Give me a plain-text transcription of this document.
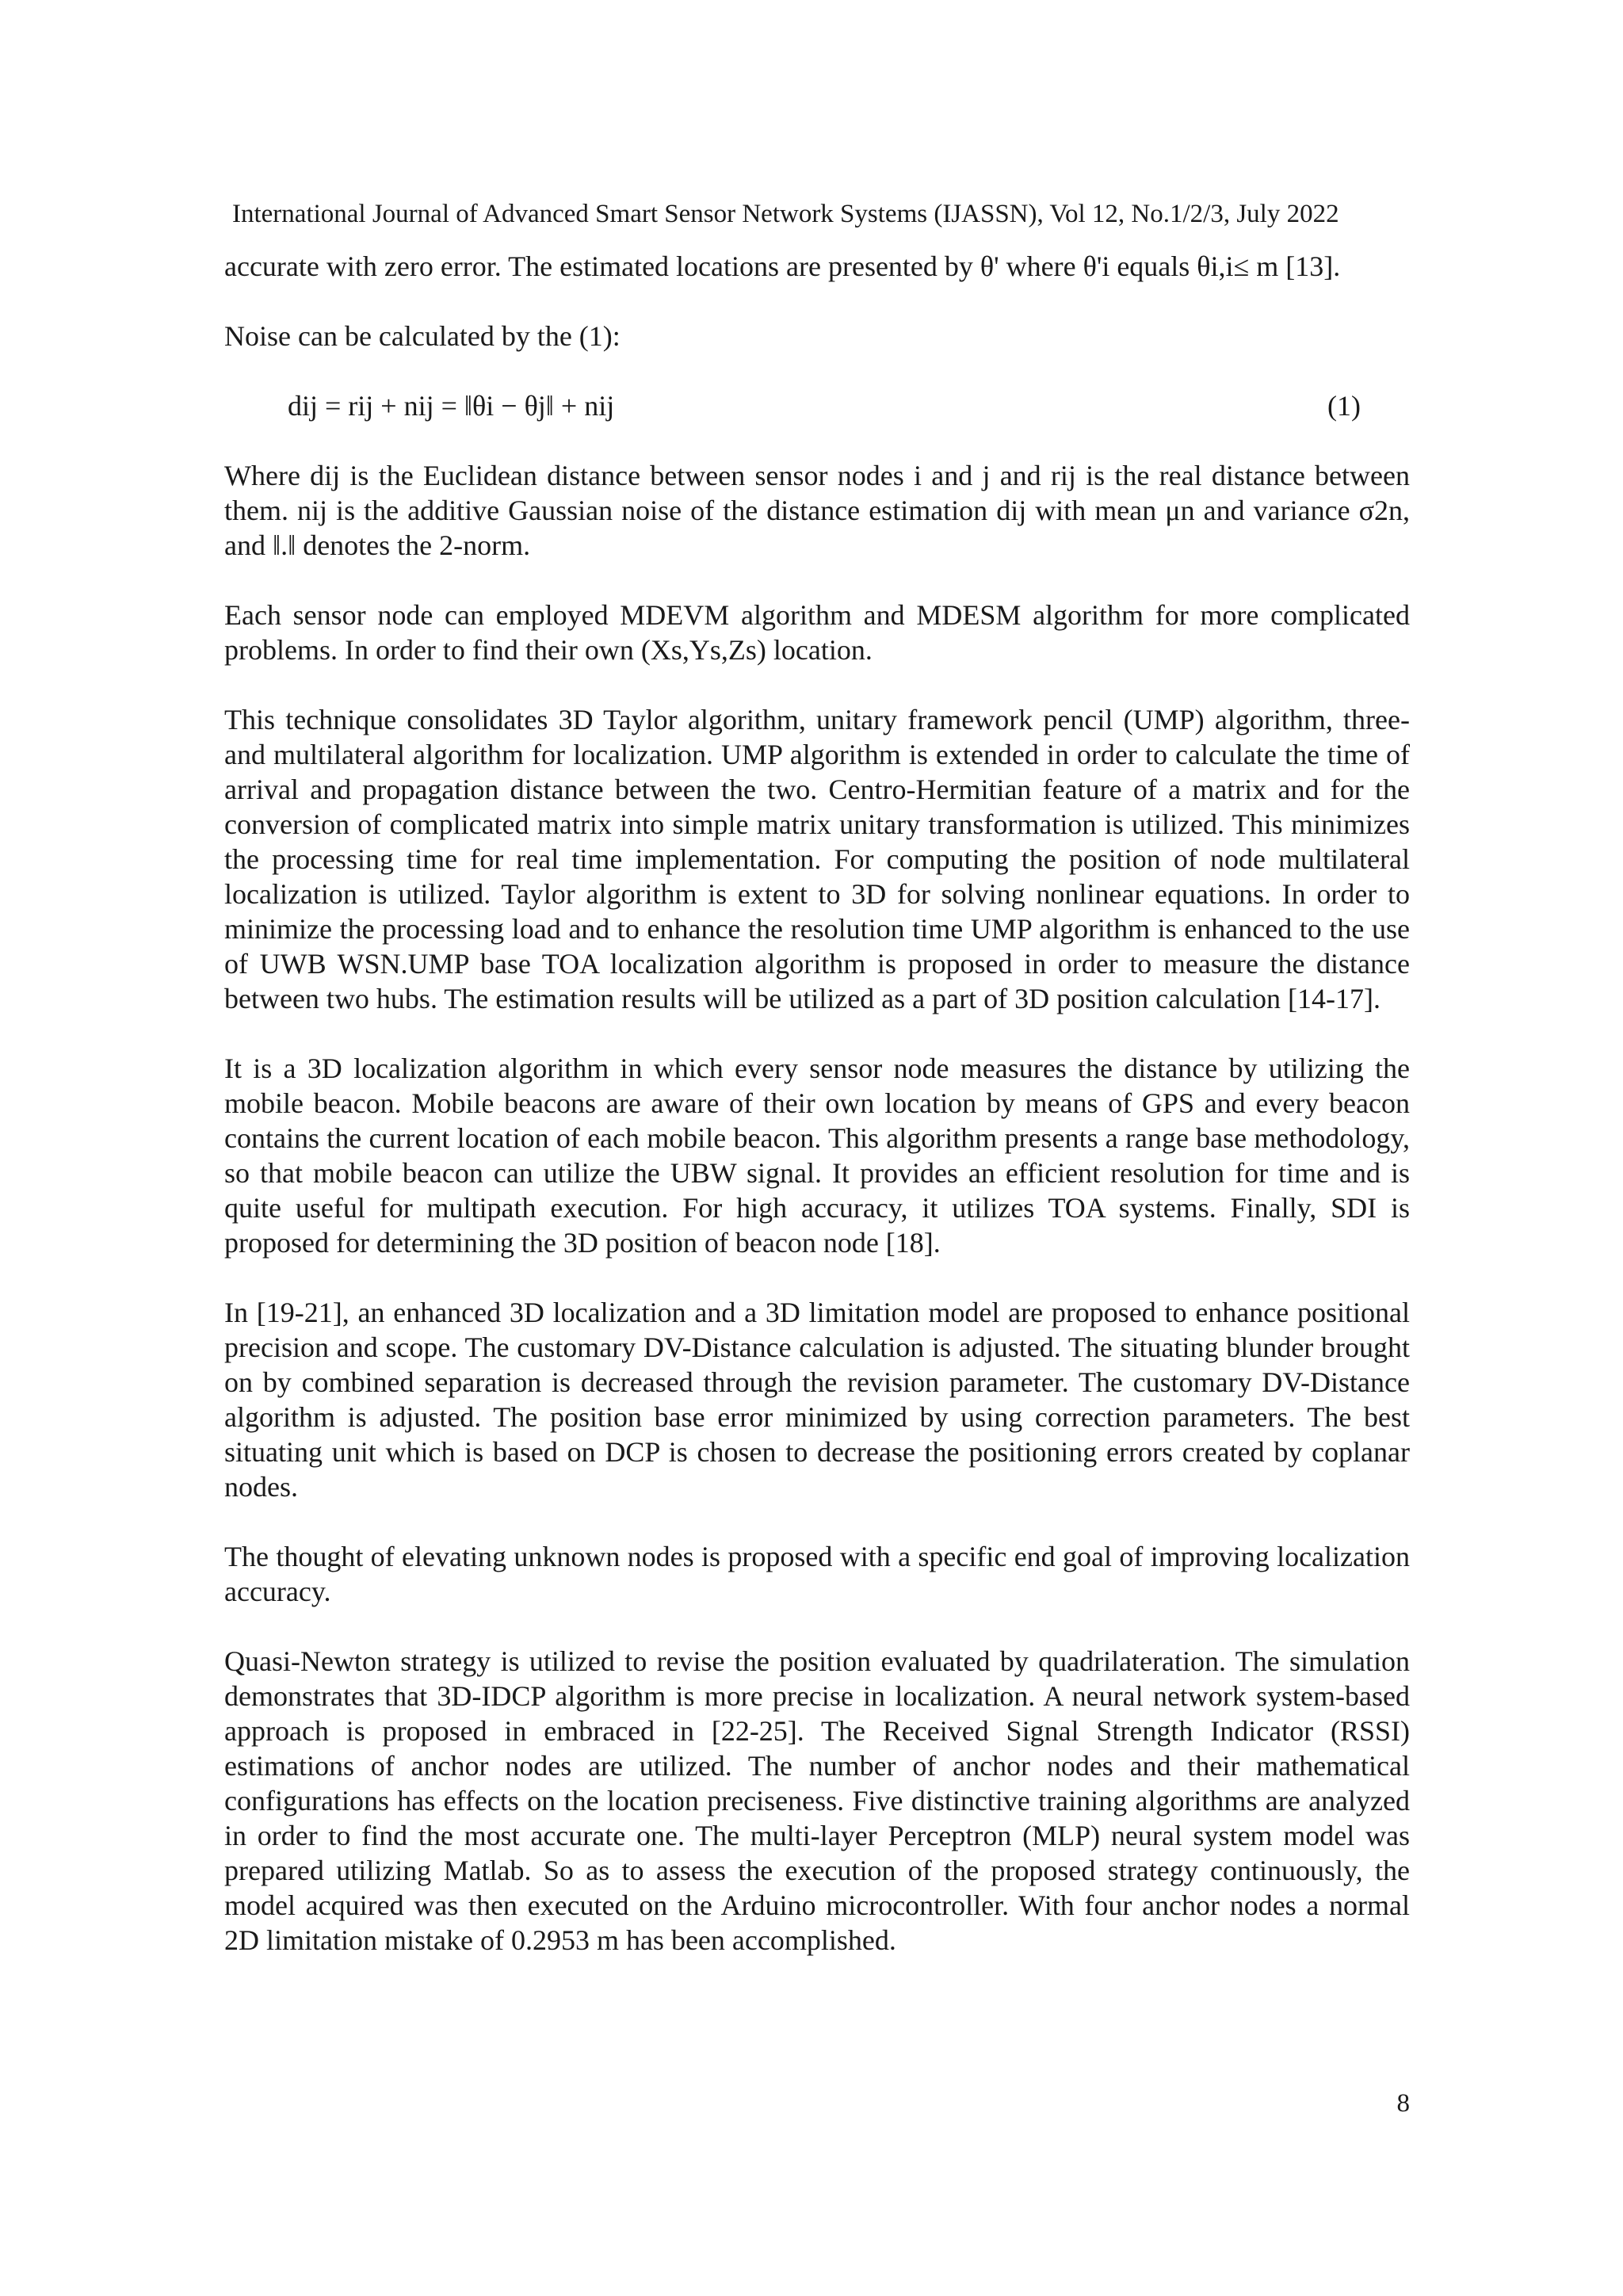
International Journal of Advanced Smart Sensor Network Systems (IJASSN), Vol 12, No.1/2/3, July 2022

accurate with zero error. The estimated locations are presented by θ' where θ'i equals θi,i≤ m [13].

Noise can be calculated by the (1):

dij = rij + nij = ‖θi − θj‖ + nij	(1)

Where dij is the Euclidean distance between sensor nodes i and j and rij is the real distance between them. nij is the additive Gaussian noise of the distance estimation dij with mean μn and variance σ2n, and ‖.‖ denotes the 2-norm.

Each sensor node can employed MDEVM algorithm and MDESM algorithm for more complicated problems. In order to find their own (Xs,Ys,Zs) location.

This technique consolidates 3D Taylor algorithm, unitary framework pencil (UMP) algorithm, three- and multilateral algorithm for localization. UMP algorithm is extended in order to calculate the time of arrival and propagation distance between the two. Centro-Hermitian feature of a matrix and for the conversion of complicated matrix into simple matrix unitary transformation is utilized. This minimizes the processing time for real time implementation. For computing the position of node multilateral localization is utilized. Taylor algorithm is extent to 3D for solving nonlinear equations. In order to minimize the processing load and to enhance the resolution time UMP algorithm is enhanced to the use of UWB WSN.UMP base TOA localization algorithm is proposed in order to measure the distance between two hubs. The estimation results will be utilized as a part of 3D position calculation [14-17].

It is a 3D localization algorithm in which every sensor node measures the distance by utilizing the mobile beacon. Mobile beacons are aware of their own location by means of GPS and every beacon contains the current location of each mobile beacon. This algorithm presents a range base methodology, so that mobile beacon can utilize the UBW signal. It provides an efficient resolution for time and is quite useful for multipath execution. For high accuracy, it utilizes TOA systems. Finally, SDI is proposed for determining the 3D position of beacon node [18].

In [19-21], an enhanced 3D localization and a 3D limitation model are proposed to enhance positional precision and scope. The customary DV-Distance calculation is adjusted. The situating blunder brought on by combined separation is decreased through the revision parameter. The customary DV-Distance algorithm is adjusted. The position base error minimized by using correction parameters. The best situating unit which is based on DCP is chosen to decrease the positioning errors created by coplanar nodes.

The thought of elevating unknown nodes is proposed with a specific end goal of improving localization accuracy.

Quasi-Newton strategy is utilized to revise the position evaluated by quadrilateration. The simulation demonstrates that 3D-IDCP algorithm is more precise in localization. A neural network system-based approach is proposed in embraced in [22-25]. The Received Signal Strength Indicator (RSSI) estimations of anchor nodes are utilized. The number of anchor nodes and their mathematical configurations has effects on the location preciseness. Five distinctive training algorithms are analyzed in order to find the most accurate one. The multi-layer Perceptron (MLP) neural system model was prepared utilizing Matlab. So as to assess the execution of the proposed strategy continuously, the model acquired was then executed on the Arduino microcontroller. With four anchor nodes a normal 2D limitation mistake of 0.2953 m has been accomplished.

8
